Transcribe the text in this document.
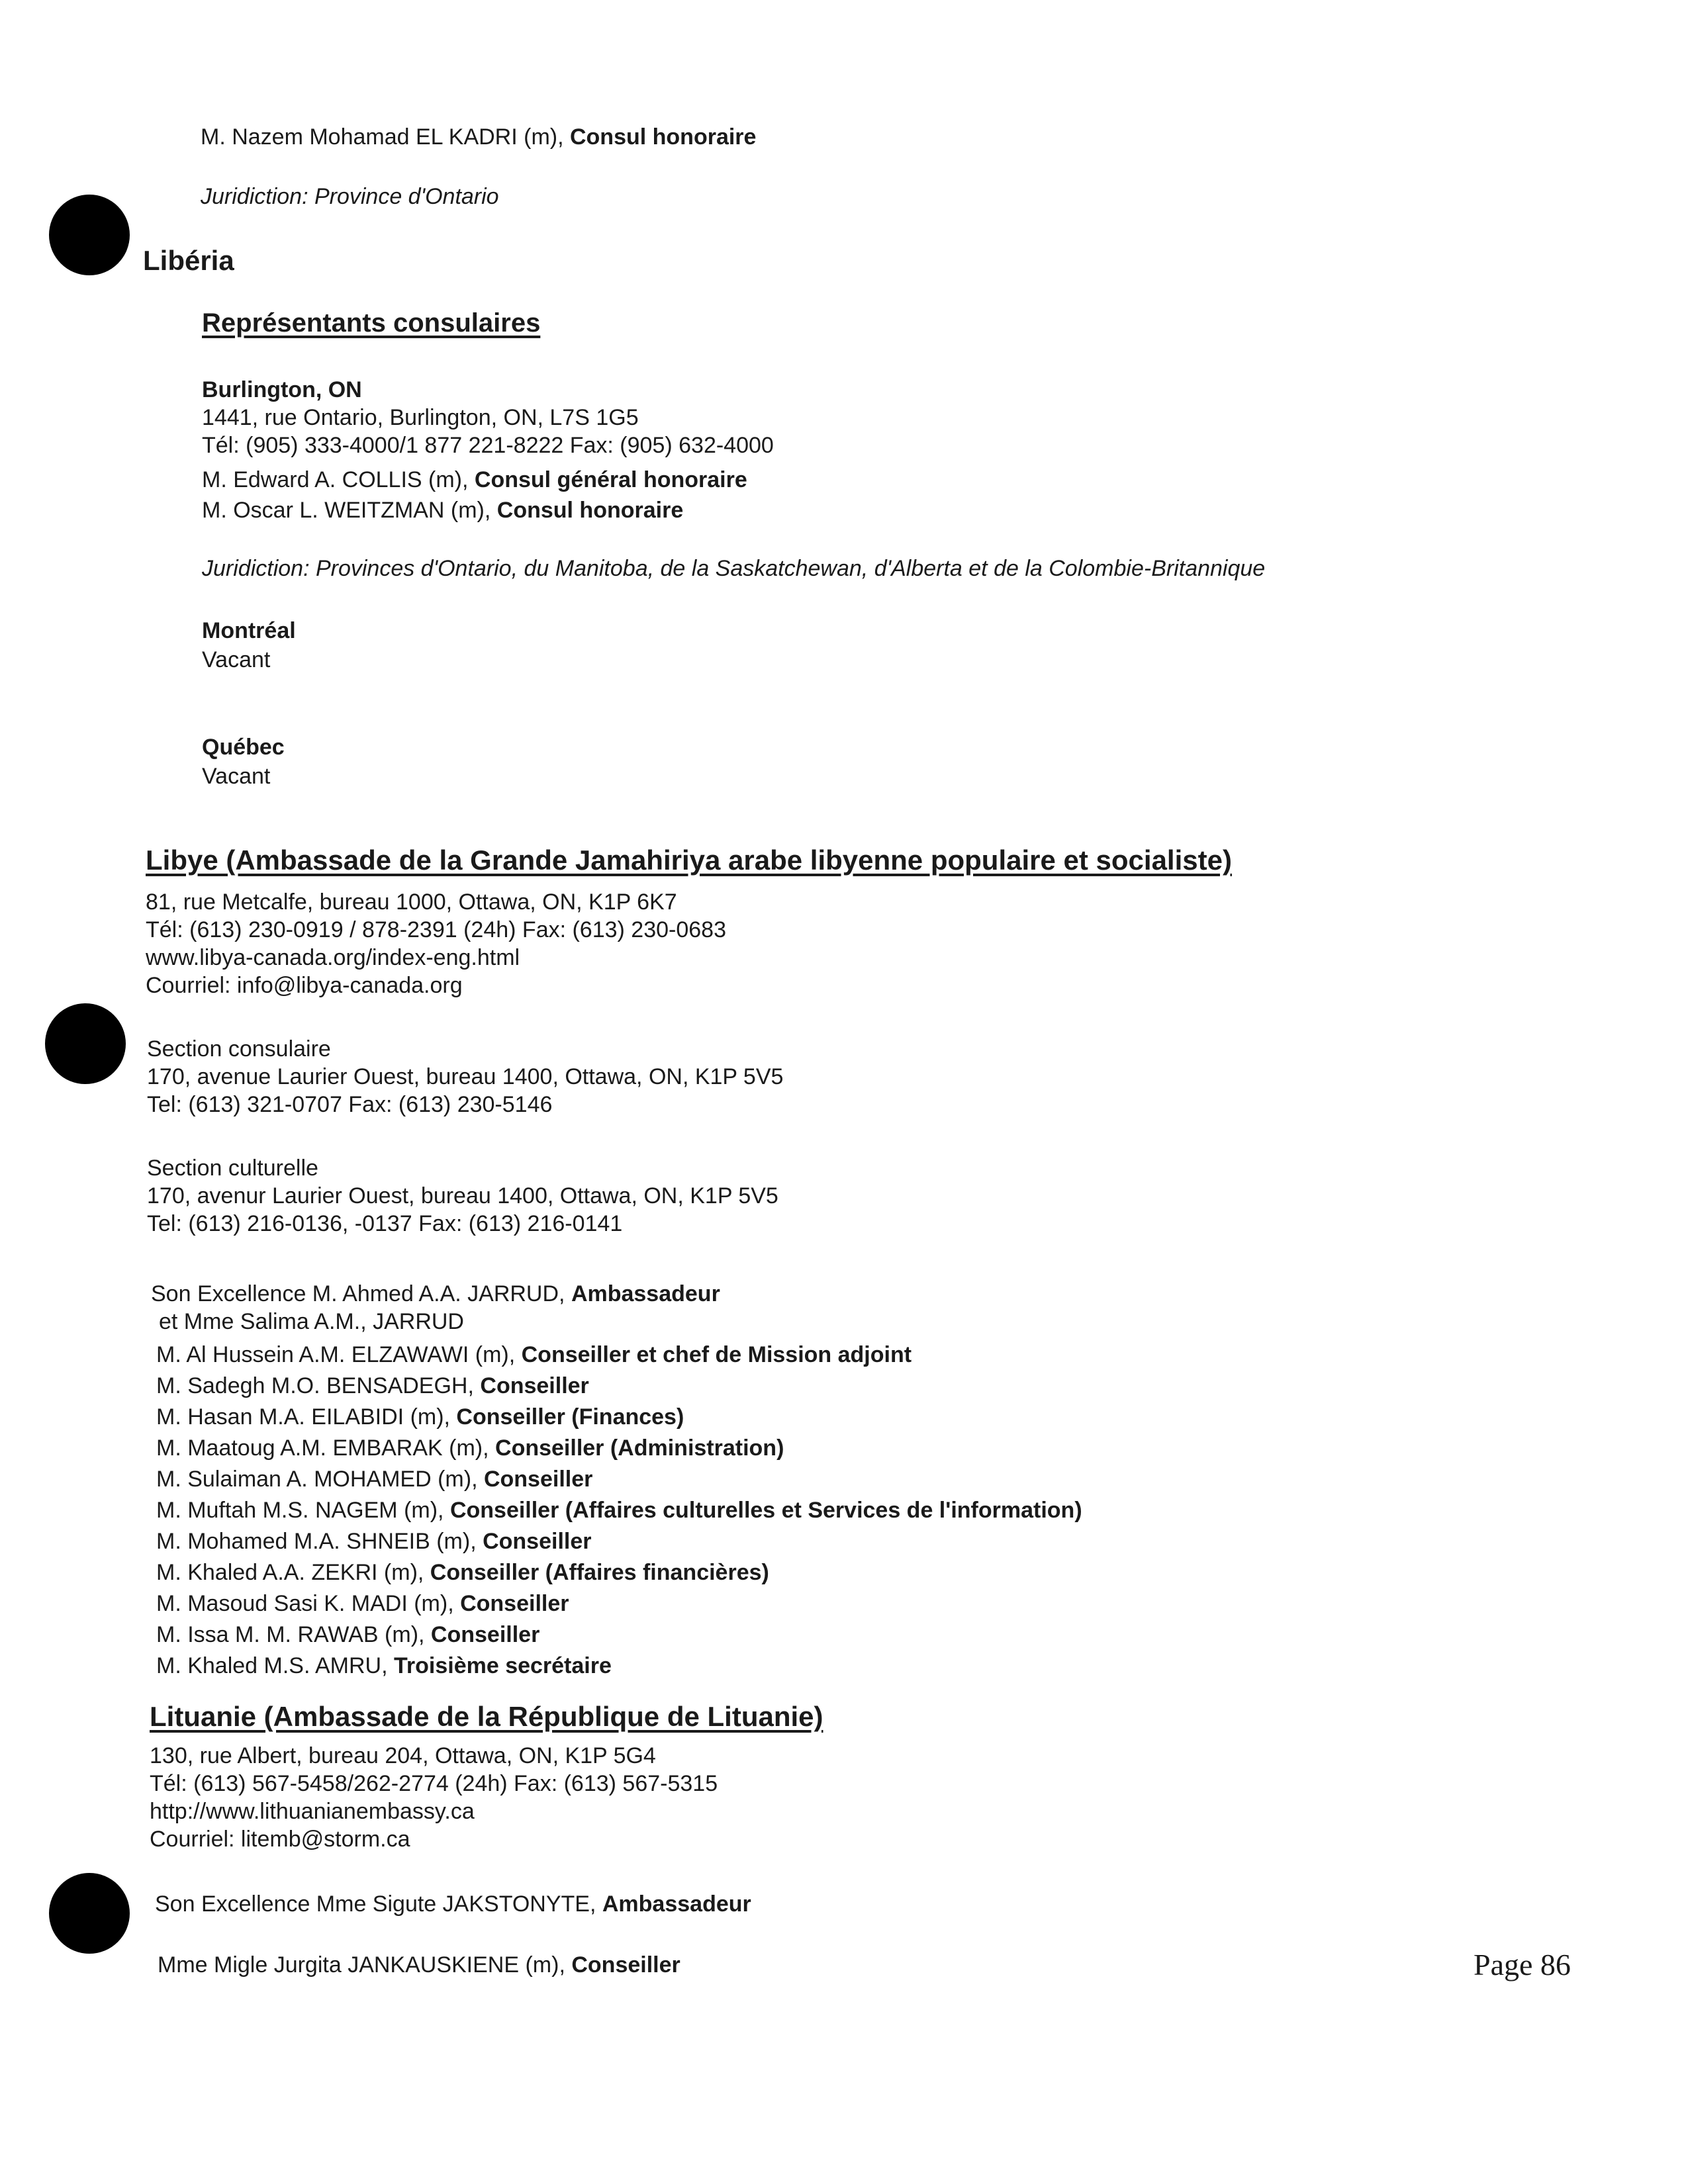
M. Nazem Mohamad EL KADRI (m), Consul honoraire
Juridiction: Province d'Ontario
Libéria
Représentants consulaires
Burlington, ON
1441, rue Ontario, Burlington, ON, L7S 1G5
Tél: (905) 333-4000/1 877 221-8222 Fax: (905) 632-4000
M. Edward A. COLLIS (m), Consul général honoraire
M. Oscar L. WEITZMAN (m), Consul honoraire
Juridiction: Provinces d'Ontario, du Manitoba, de la Saskatchewan, d'Alberta et de la Colombie-Britannique
Montréal
Vacant
Québec
Vacant
Libye (Ambassade de la Grande Jamahiriya arabe libyenne populaire et socialiste)
81, rue Metcalfe, bureau 1000, Ottawa, ON, K1P 6K7
Tél: (613) 230-0919 / 878-2391 (24h) Fax: (613) 230-0683
www.libya-canada.org/index-eng.html
Courriel: info@libya-canada.org
Section consulaire
170, avenue Laurier Ouest, bureau 1400, Ottawa, ON, K1P 5V5
Tel: (613) 321-0707 Fax: (613) 230-5146
Section culturelle
170, avenur Laurier Ouest, bureau 1400, Ottawa, ON, K1P 5V5
Tel: (613) 216-0136, -0137 Fax: (613) 216-0141
Son Excellence M. Ahmed A.A. JARRUD, Ambassadeur
et Mme Salima A.M., JARRUD
M. Al Hussein A.M. ELZAWAWI (m), Conseiller et chef de Mission adjoint
M. Sadegh M.O. BENSADEGH, Conseiller
M. Hasan M.A. EILABIDI (m), Conseiller (Finances)
M. Maatoug A.M. EMBARAK (m), Conseiller (Administration)
M. Sulaiman A. MOHAMED (m), Conseiller
M. Muftah M.S. NAGEM (m), Conseiller (Affaires culturelles et Services de l'information)
M. Mohamed M.A. SHNEIB (m), Conseiller
M. Khaled A.A. ZEKRI (m), Conseiller (Affaires financières)
M. Masoud Sasi K. MADI (m), Conseiller
M. Issa M. M. RAWAB (m), Conseiller
M. Khaled M.S. AMRU, Troisième secrétaire
Lituanie (Ambassade de la République de Lituanie)
130, rue Albert, bureau 204, Ottawa, ON, K1P 5G4
Tél: (613) 567-5458/262-2774 (24h) Fax: (613) 567-5315
http://www.lithuanianembassy.ca
Courriel: litemb@storm.ca
Son Excellence Mme Sigute JAKSTONYTE, Ambassadeur
Mme Migle Jurgita JANKAUSKIENE (m), Conseiller	Page 86
